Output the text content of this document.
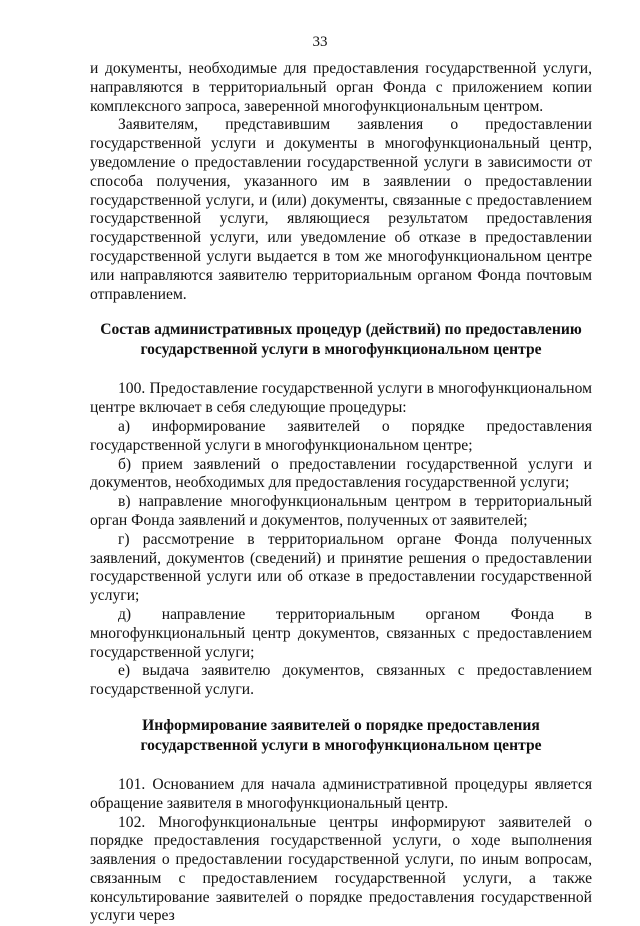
33

и документы, необходимые для предоставления государственной услуги, направляются в территориальный орган Фонда с приложением копии комплексного запроса, заверенной многофункциональным центром.

Заявителям, представившим заявления о предоставлении государственной услуги и документы в многофункциональный центр, уведомление о предоставлении государственной услуги в зависимости от способа получения, указанного им в заявлении о предоставлении государственной услуги, и (или) документы, связанные с предоставлением государственной услуги, являющиеся результатом предоставления государственной услуги, или уведомление об отказе в предоставлении государственной услуги выдается в том же многофункциональном центре или направляются заявителю территориальным органом Фонда почтовым отправлением.

Состав административных процедур (действий) по предоставлению
государственной услуги в многофункциональном центре

100. Предоставление государственной услуги в многофункциональном центре включает в себя следующие процедуры:

а) информирование заявителей о порядке предоставления государственной услуги в многофункциональном центре;

б) прием заявлений о предоставлении государственной услуги и документов, необходимых для предоставления государственной услуги;

в) направление многофункциональным центром в территориальный орган Фонда заявлений и документов, полученных от заявителей;

г) рассмотрение в территориальном органе Фонда полученных заявлений, документов (сведений) и принятие решения о предоставлении государственной услуги или об отказе в предоставлении государственной услуги;

д) направление территориальным органом Фонда в многофункциональный центр документов, связанных с предоставлением государственной услуги;

е) выдача заявителю документов, связанных с предоставлением государственной услуги.

Информирование заявителей о порядке предоставления
государственной услуги в многофункциональном центре

101. Основанием для начала административной процедуры является обращение заявителя в многофункциональный центр.

102. Многофункциональные центры информируют заявителей о порядке предоставления государственной услуги, о ходе выполнения заявления о предоставлении государственной услуги, по иным вопросам, связанным с предоставлением государственной услуги, а также консультирование заявителей о порядке предоставления государственной услуги через
